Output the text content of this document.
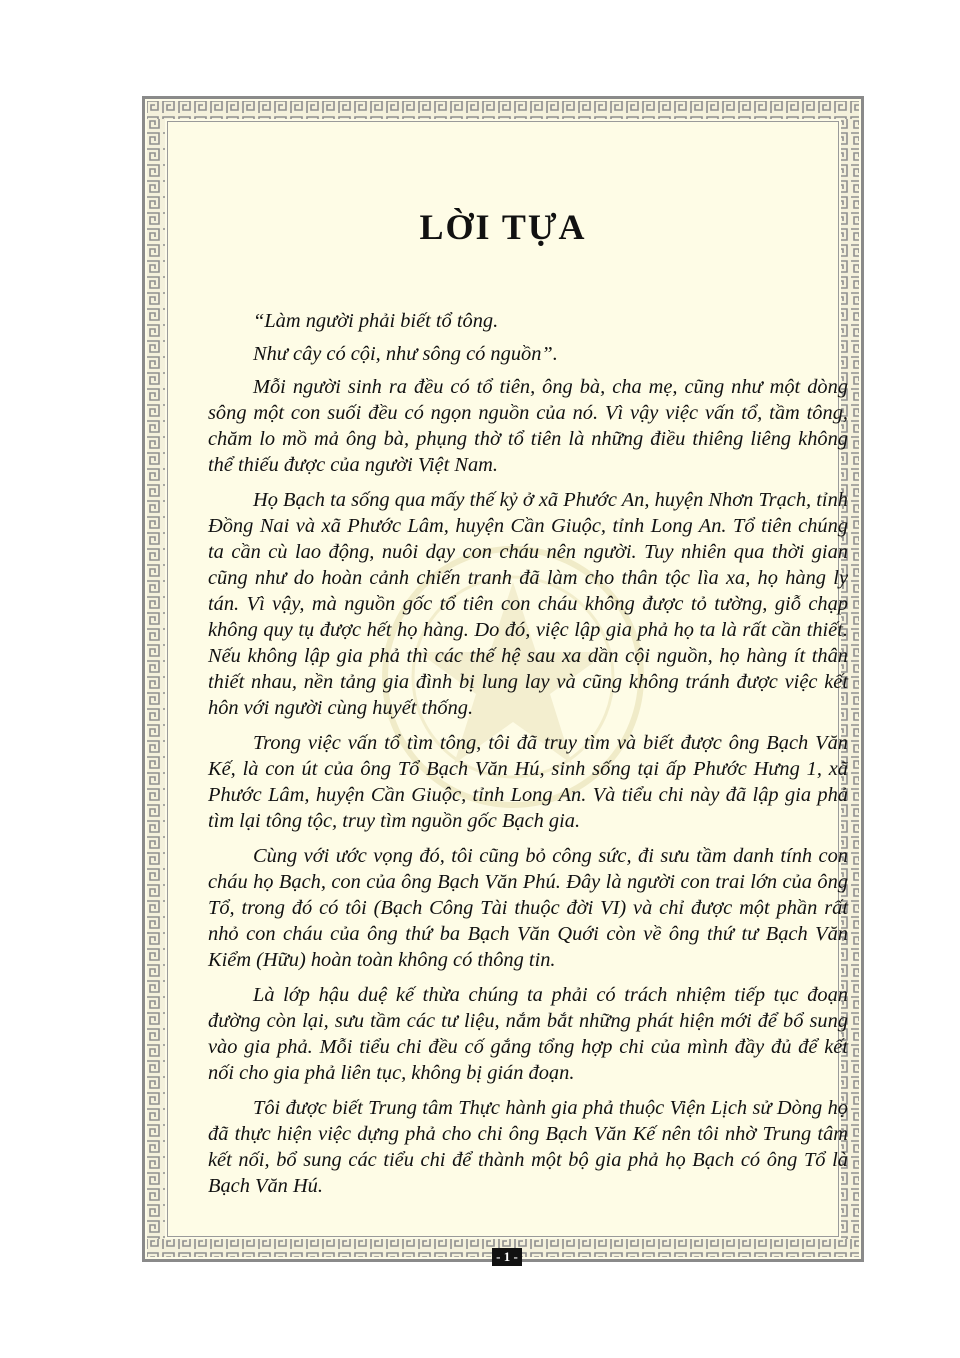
LỜI TỰA

“Làm người phải biết tổ tông.

Như cây có cội, như sông có nguồn”.

Mỗi người sinh ra đều có tổ tiên, ông bà, cha mẹ, cũng như một dòng sông một con suối đều có ngọn nguồn của nó. Vì vậy việc vấn tổ, tầm tông, chăm lo mồ mả ông bà, phụng thờ tổ tiên là những điều thiêng liêng không thể thiếu được của người Việt Nam.

Họ Bạch ta sống qua mấy thế kỷ ở xã Phước An, huyện Nhơn Trạch, tỉnh Đồng Nai và xã Phước Lâm, huyện Cần Giuộc, tỉnh Long An. Tổ tiên chúng ta cần cù lao động, nuôi dạy con cháu nên người. Tuy nhiên qua thời gian cũng như do hoàn cảnh chiến tranh đã làm cho thân tộc lìa xa, họ hàng ly tán. Vì vậy, mà nguồn gốc tổ tiên con cháu không được tỏ tường, giỗ chạp không quy tụ được hết họ hàng. Do đó, việc lập gia phả họ ta là rất cần thiết. Nếu không lập gia phả thì các thế hệ sau xa dần cội nguồn, họ hàng ít thân thiết nhau, nền tảng gia đình bị lung lay và cũng không tránh được việc kết hôn với người cùng huyết thống.

Trong việc vấn tổ tìm tông, tôi đã truy tìm và biết được ông Bạch Văn Kế, là con út của ông Tổ Bạch Văn Hú, sinh sống tại ấp Phước Hưng 1, xã Phước Lâm, huyện Cần Giuộc, tỉnh Long An. Và tiểu chi này đã lập gia phả tìm lại tông tộc, truy tìm nguồn gốc Bạch gia.

Cùng với ước vọng đó, tôi cũng bỏ công sức, đi sưu tầm danh tính con cháu họ Bạch, con của ông Bạch Văn Phú. Đây là người con trai lớn của ông Tổ, trong đó có tôi (Bạch Công Tài thuộc đời VI) và chỉ được một phần rất nhỏ con cháu của ông thứ ba Bạch Văn Quới còn về ông thứ tư Bạch Văn Kiểm (Hữu) hoàn toàn không có thông tin.

Là lớp hậu duệ kế thừa chúng ta phải có trách nhiệm tiếp tục đoạn đường còn lại, sưu tầm các tư liệu, nắm bắt những phát hiện mới để bổ sung vào gia phả. Mỗi tiểu chi đều cố gắng tổng hợp chi của mình đầy đủ để kết nối cho gia phả liên tục, không bị gián đoạn.

Tôi được biết Trung tâm Thực hành gia phả thuộc Viện Lịch sử Dòng họ đã thực hiện việc dựng phả cho chi ông Bạch Văn Kế nên tôi nhờ Trung tâm kết nối, bổ sung các tiểu chi để thành một bộ gia phả họ Bạch có ông Tổ là Bạch Văn Hú.

- 1 -
